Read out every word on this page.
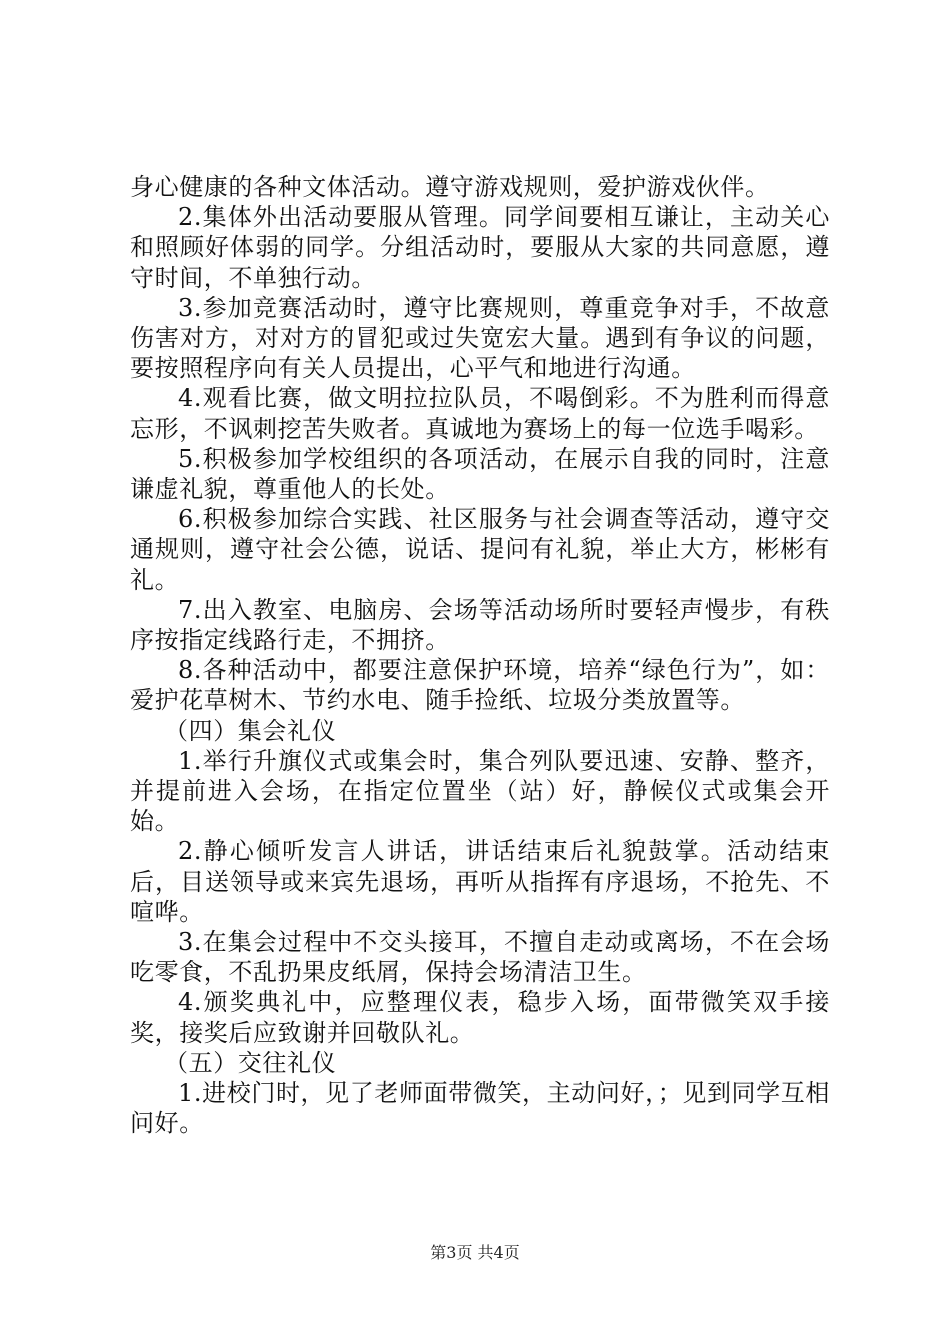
身心健康的各种文体活动。遵守游戏规则，爱护游戏伙伴。

2.集体外出活动要服从管理。同学间要相互谦让，主动关心和照顾好体弱的同学。分组活动时，要服从大家的共同意愿，遵守时间，不单独行动。

3.参加竞赛活动时，遵守比赛规则，尊重竞争对手，不故意伤害对方，对对方的冒犯或过失宽宏大量。遇到有争议的问题，要按照程序向有关人员提出，心平气和地进行沟通。

4.观看比赛，做文明拉拉队员，不喝倒彩。不为胜利而得意忘形，不讽刺挖苦失败者。真诚地为赛场上的每一位选手喝彩。

5.积极参加学校组织的各项活动，在展示自我的同时，注意谦虚礼貌，尊重他人的长处。

6.积极参加综合实践、社区服务与社会调查等活动，遵守交通规则，遵守社会公德，说话、提问有礼貌，举止大方，彬彬有礼。

7.出入教室、电脑房、会场等活动场所时要轻声慢步，有秩序按指定线路行走，不拥挤。

8.各种活动中，都要注意保护环境，培养“绿色行为”，如：爱护花草树木、节约水电、随手捡纸、垃圾分类放置等。

（四）集会礼仪

1.举行升旗仪式或集会时，集合列队要迅速、安静、整齐，并提前进入会场，在指定位置坐（站）好，静候仪式或集会开始。

2.静心倾听发言人讲话，讲话结束后礼貌鼓掌。活动结束后，目送领导或来宾先退场，再听从指挥有序退场，不抢先、不喧哗。

3.在集会过程中不交头接耳，不擅自走动或离场，不在会场吃零食，不乱扔果皮纸屑，保持会场清洁卫生。

4.颁奖典礼中，应整理仪表，稳步入场，面带微笑双手接奖，接奖后应致谢并回敬队礼。

（五）交往礼仪

1.进校门时，见了老师面带微笑，主动问好，；见到同学互相问好。

第3页 共4页
